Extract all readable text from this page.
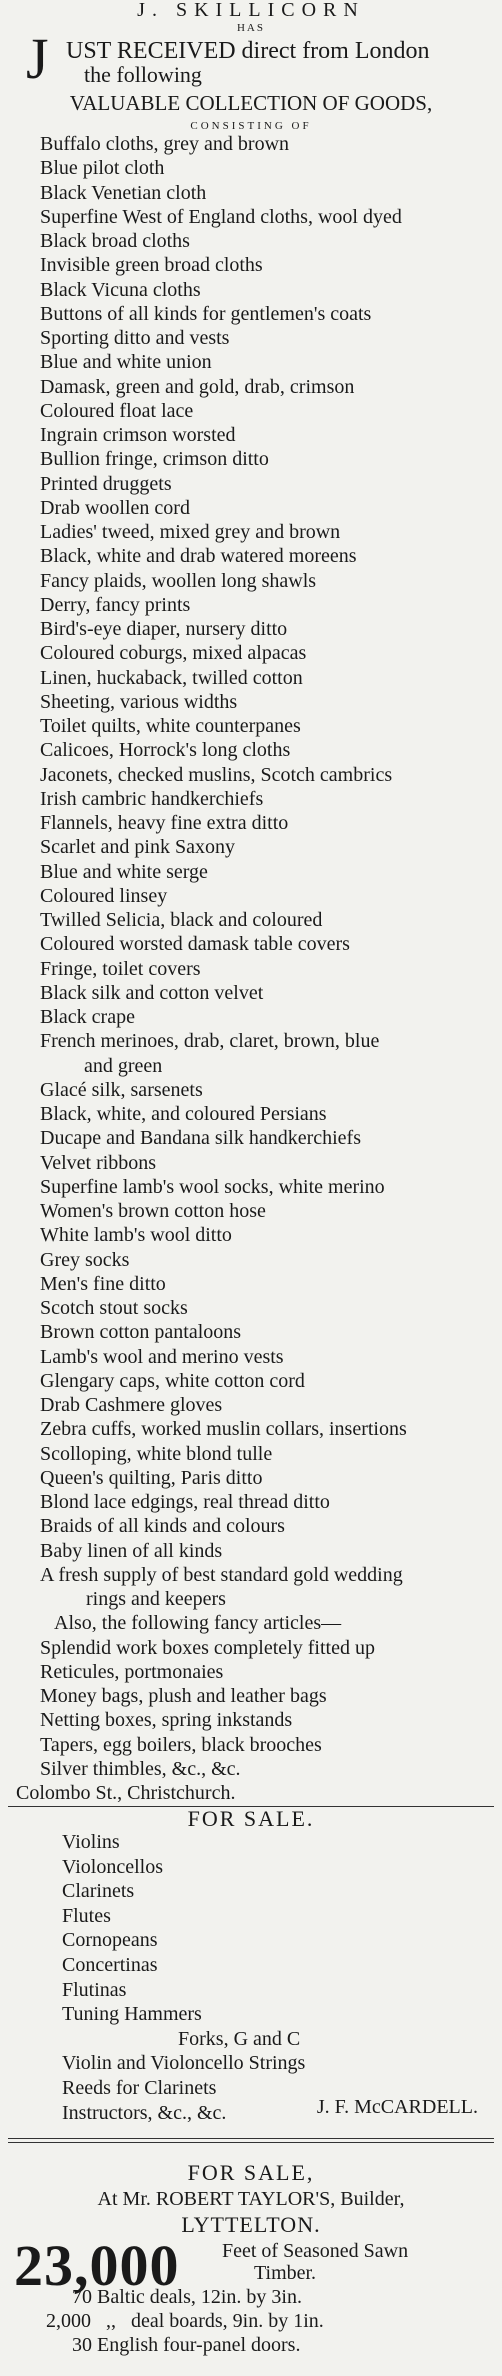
J. SKILLICORN
HAS
J UST RECEIVED direct from London
the following
VALUABLE COLLECTION OF GOODS,
CONSISTING OF
Buffalo cloths, grey and brown
Blue pilot cloth
Black Venetian cloth
Superfine West of England cloths, wool dyed
Black broad cloths
Invisible green broad cloths
Black Vicuna cloths
Buttons of all kinds for gentlemen's coats
Sporting ditto and vests
Blue and white union
Damask, green and gold, drab, crimson
Coloured float lace
Ingrain crimson worsted
Bullion fringe, crimson ditto
Printed druggets
Drab woollen cord
Ladies' tweed, mixed grey and brown
Black, white and drab watered moreens
Fancy plaids, woollen long shawls
Derry, fancy prints
Bird's-eye diaper, nursery ditto
Coloured coburgs, mixed alpacas
Linen, huckaback, twilled cotton
Sheeting, various widths
Toilet quilts, white counterpanes
Calicoes, Horrock's long cloths
Jaconets, checked muslins, Scotch cambrics
Irish cambric handkerchiefs
Flannels, heavy fine extra ditto
Scarlet and pink Saxony
Blue and white serge
Coloured linsey
Twilled Selicia, black and coloured
Coloured worsted damask table covers
Fringe, toilet covers
Black silk and cotton velvet
Black crape
French merinoes, drab, claret, brown, blue
and green
Glacé silk, sarsenets
Black, white, and coloured Persians
Ducape and Bandana silk handkerchiefs
Velvet ribbons
Superfine lamb's wool socks, white merino
Women's brown cotton hose
White lamb's wool ditto
Grey socks
Men's fine ditto
Scotch stout socks
Brown cotton pantaloons
Lamb's wool and merino vests
Glengary caps, white cotton cord
Drab Cashmere gloves
Zebra cuffs, worked muslin collars, insertions
Scolloping, white blond tulle
Queen's quilting, Paris ditto
Blond lace edgings, real thread ditto
Braids of all kinds and colours
Baby linen of all kinds
A fresh supply of best standard gold wedding
rings and keepers
Also, the following fancy articles—
Splendid work boxes completely fitted up
Reticules, portmonaies
Money bags, plush and leather bags
Netting boxes, spring inkstands
Tapers, egg boilers, black brooches
Silver thimbles, &c., &c.
Colombo St., Christchurch.
FOR SALE.
Violins
Violoncellos
Clarinets
Flutes
Cornopeans
Concertinas
Flutinas
Tuning Hammers
Forks, G and C
Violin and Violoncello Strings
Reeds for Clarinets
Instructors, &c., &c.	J. F. McCARDELL.
FOR SALE,
At Mr. ROBERT TAYLOR'S, Builder,
LYTTELTON.
23,000 Feet of Seasoned Sawn
Timber.
70 Baltic deals, 12in. by 3in.
2,000   ,,   deal boards, 9in. by 1in.
30 English four-panel doors.
